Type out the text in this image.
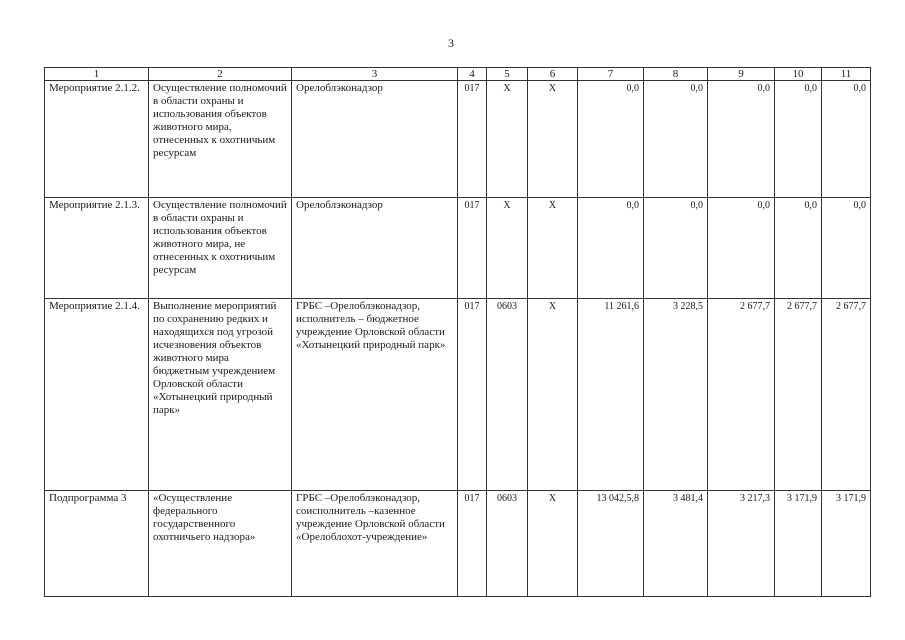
3
1	2	3	4	5	6	7	8	9	10	11
Мероприятие 2.1.2.	Осуществление полномочий в области охраны и использования объектов животного мира, отнесенных к охотничьим ресурсам	Орелоблэконадзор	017	Х	Х	0,0	0,0	0,0	0,0	0,0
Мероприятие 2.1.3.	Осуществление полномочий в области охраны и использования объектов животного мира, не отнесенных к охотничьим ресурсам	Орелоблэконадзор	017	Х	Х	0,0	0,0	0,0	0,0	0,0
Мероприятие 2.1.4.	Выполнение мероприятий по сохранению редких и находящихся под угрозой исчезновения объектов животного мира бюджетным учреждением Орловской области «Хотынецкий природный парк»	ГРБС –Орелоблэконадзор, исполнитель – бюджетное учреждение Орловской области «Хотынецкий природный парк»	017	0603	Х	11 261,6	3 228,5	2 677,7	2 677,7	2 677,7
Подпрограмма 3	«Осуществление федерального государственного охотничьего надзора»	ГРБС –Орелоблэконадзор, соисполнитель –казенное учреждение Орловской области «Орелоблохот-учреждение»	017	0603	Х	13 042,5,8	3 481,4	3 217,3	3 171,9	3 171,9
